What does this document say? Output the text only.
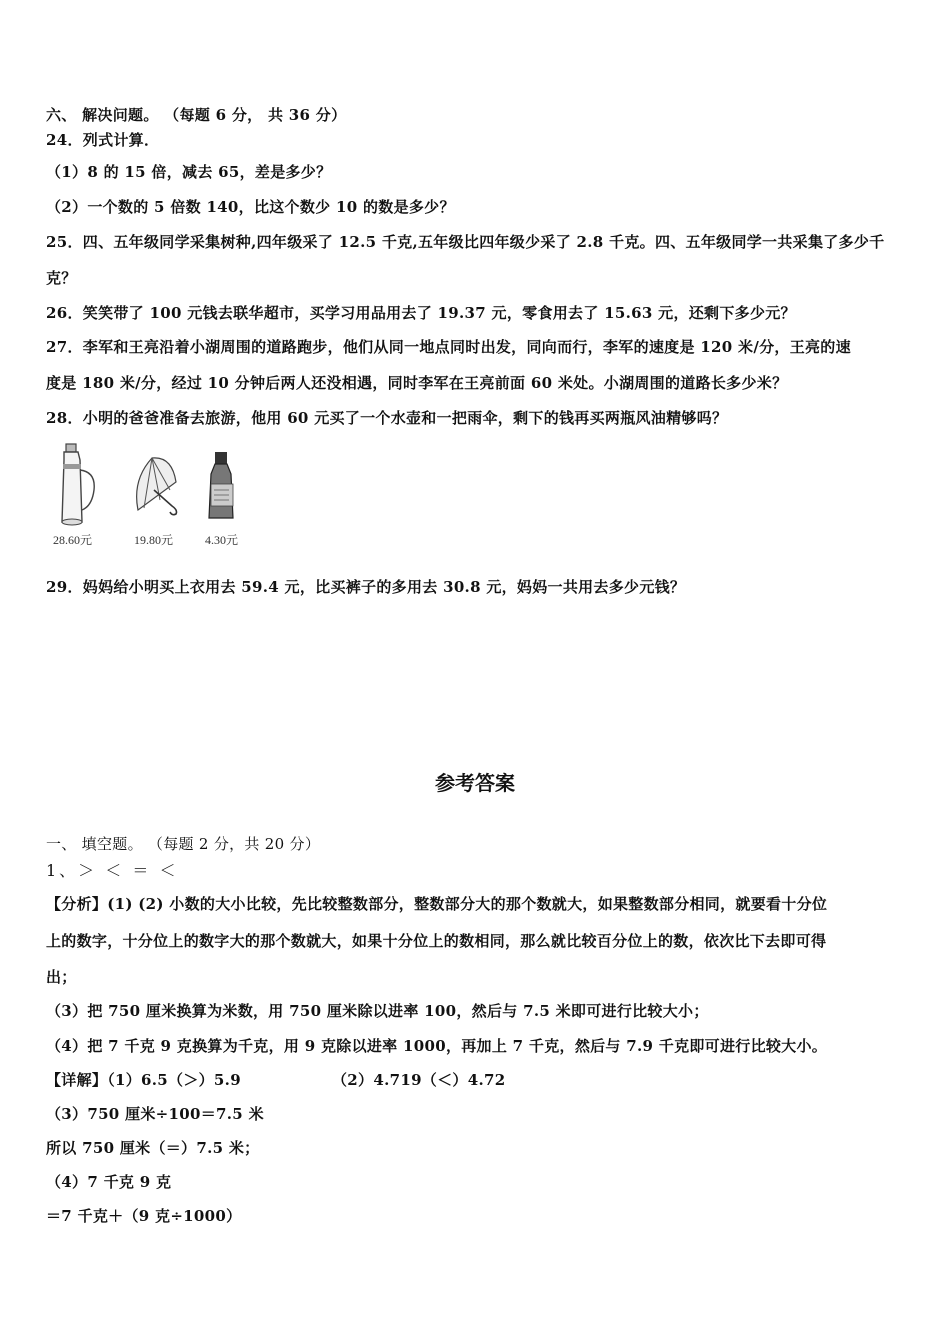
六、 解决问题。 （每题 6 分， 共 36 分）
24．列式计算．
（1）8 的 15 倍，减去 65，差是多少？
（2）一个数的 5 倍数 140，比这个数少 10 的数是多少？
25．四、五年级同学采集树种,四年级采了 12.5 千克,五年级比四年级少采了 2.8 千克。四、五年级同学一共采集了多少千
克？
26．笑笑带了 100 元钱去联华超市，买学习用品用去了 19.37 元，零食用去了 15.63 元，还剩下多少元？
27．李军和王亮沿着小湖周围的道路跑步，他们从同一地点同时出发，同向而行，李军的速度是 120 米/分，王亮的速
度是 180 米/分，经过 10 分钟后两人还没相遇，同时李军在王亮前面 60 米处。小湖周围的道路长多少米？
28．小明的爸爸准备去旅游，他用 60 元买了一个水壶和一把雨伞，剩下的钱再买两瓶风油精够吗？
28.60元	19.80元	4.30元
29．妈妈给小明买上衣用去 59.4 元，比买裤子的多用去 30.8 元，妈妈一共用去多少元钱？
参考答案
一、 填空题。 （每题 2 分，共 20 分）
1、＞ ＜ ＝ ＜
【分析】(1) (2) 小数的大小比较，先比较整数部分，整数部分大的那个数就大，如果整数部分相同，就要看十分位
上的数字，十分位上的数字大的那个数就大，如果十分位上的数相同，那么就比较百分位上的数，依次比下去即可得
出；
（3）把 750 厘米换算为米数，用 750 厘米除以进率 100，然后与 7.5 米即可进行比较大小；
（4）把 7 千克 9 克换算为千克，用 9 克除以进率 1000，再加上 7 千克，然后与 7.9 千克即可进行比较大小。
【详解】（1）6.5（＞）5.9	（2）4.719（＜）4.72
（3）750 厘米÷100＝7.5 米
所以 750 厘米（＝）7.5 米；
（4）7 千克 9 克
＝7 千克＋（9 克÷1000）
